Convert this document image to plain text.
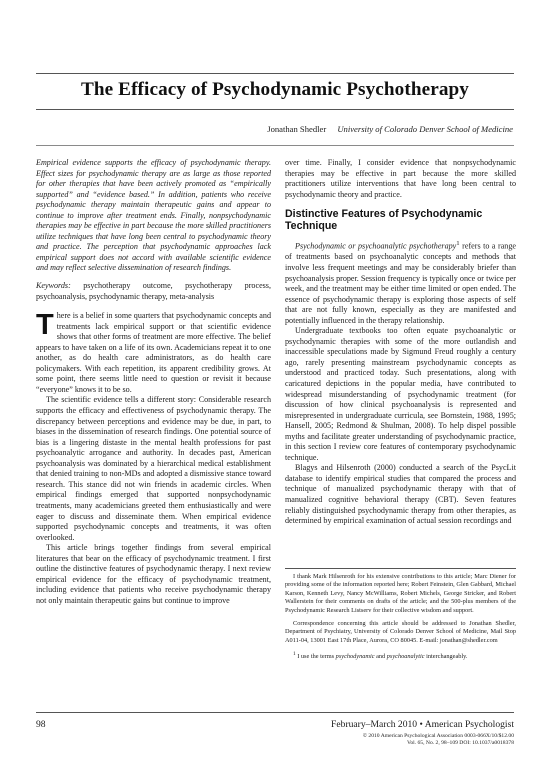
The Efficacy of Psychodynamic Psychotherapy
Jonathan Shedler University of Colorado Denver School of Medicine

Empirical evidence supports the efficacy of psychodynamic therapy. Effect sizes for psychodynamic therapy are as large as those reported for other therapies that have been actively promoted as “empirically supported” and “evidence based.” In addition, patients who receive psychodynamic therapy maintain therapeutic gains and appear to continue to improve after treatment ends. Finally, nonpsychodynamic therapies may be effective in part because the more skilled practitioners utilize techniques that have long been central to psychodynamic theory and practice. The perception that psychodynamic approaches lack empirical support does not accord with available scientific evidence and may reflect selective dissemination of research findings.

Keywords: psychotherapy outcome, psychotherapy process, psychoanalysis, psychodynamic therapy, meta-analysis

There is a belief in some quarters that psychodynamic concepts and treatments lack empirical support or that scientific evidence shows that other forms of treatment are more effective. The belief appears to have taken on a life of its own. Academicians repeat it to one another, as do health care administrators, as do health care policymakers. With each repetition, its apparent credibility grows. At some point, there seems little need to question or revisit it because “everyone” knows it to be so.

The scientific evidence tells a different story: Considerable research supports the efficacy and effectiveness of psychodynamic therapy. The discrepancy between perceptions and evidence may be due, in part, to biases in the dissemination of research findings. One potential source of bias is a lingering distaste in the mental health professions for past psychoanalytic arrogance and authority. In decades past, American psychoanalysis was dominated by a hierarchical medical establishment that denied training to non-MDs and adopted a dismissive stance toward research. This stance did not win friends in academic circles. When empirical findings emerged that supported nonpsychodynamic treatments, many academicians greeted them enthusiastically and were eager to discuss and disseminate them. When empirical evidence supported psychodynamic concepts and treatments, it was often overlooked.

This article brings together findings from several empirical literatures that bear on the efficacy of psychodynamic treatment. I first outline the distinctive features of psychodynamic therapy. I next review empirical evidence for the efficacy of psychodynamic treatment, including evidence that patients who receive psychodynamic therapy not only maintain therapeutic gains but continue to improve

over time. Finally, I consider evidence that nonpsychodynamic therapies may be effective in part because the more skilled practitioners utilize interventions that have long been central to psychodynamic theory and practice.

Distinctive Features of Psychodynamic Technique

Psychodynamic or psychoanalytic psychotherapy$^1$ refers to a range of treatments based on psychoanalytic concepts and methods that involve less frequent meetings and may be considerably briefer than psychoanalysis proper. Session frequency is typically once or twice per week, and the treatment may be either time limited or open ended. The essence of psychodynamic therapy is exploring those aspects of self that are not fully known, especially as they are manifested and potentially influenced in the therapy relationship.

Undergraduate textbooks too often equate psychoanalytic or psychodynamic therapies with some of the more outlandish and inaccessible speculations made by Sigmund Freud roughly a century ago, rarely presenting mainstream psychodynamic concepts as understood and practiced today. Such presentations, along with caricatured depictions in the popular media, have contributed to widespread misunderstanding of psychodynamic treatment (for discussion of how clinical psychoanalysis is represented and misrepresented in undergraduate curricula, see Bornstein, 1988, 1995; Hansell, 2005; Redmond & Shulman, 2008). To help dispel possible myths and facilitate greater understanding of psychodynamic practice, in this section I review core features of contemporary psychodynamic technique.

Blagys and Hilsenroth (2000) conducted a search of the PsycLit database to identify empirical studies that compared the process and technique of manualized psychodynamic therapy with that of manualized cognitive behavioral therapy (CBT). Seven features reliably distinguished psychodynamic therapy from other therapies, as determined by empirical examination of actual session recordings and

I thank Mark Hilsenroth for his extensive contributions to this article; Marc Diener for providing some of the information reported here; Robert Feinstein, Glen Gabbard, Michael Karson, Kenneth Levy, Nancy McWilliams, Robert Michels, George Stricker, and Robert Wallerstein for their comments on drafts of the article; and the 500-plus members of the Psychodynamic Research Listserv for their collective wisdom and support.

Correspondence concerning this article should be addressed to Jonathan Shedler, Department of Psychiatry, University of Colorado Denver School of Medicine, Mail Stop A011-04, 13001 East 17th Place, Aurora, CO 80045. E-mail: jonathan@shedler.com

$^1$ I use the terms psychodynamic and psychoanalytic interchangeably.

98	February–March 2010 • American Psychologist
© 2010 American Psychological Association 0003-066X/10/$12.00
Vol. 65, No. 2, 98–109 DOI: 10.1037/a0018378
